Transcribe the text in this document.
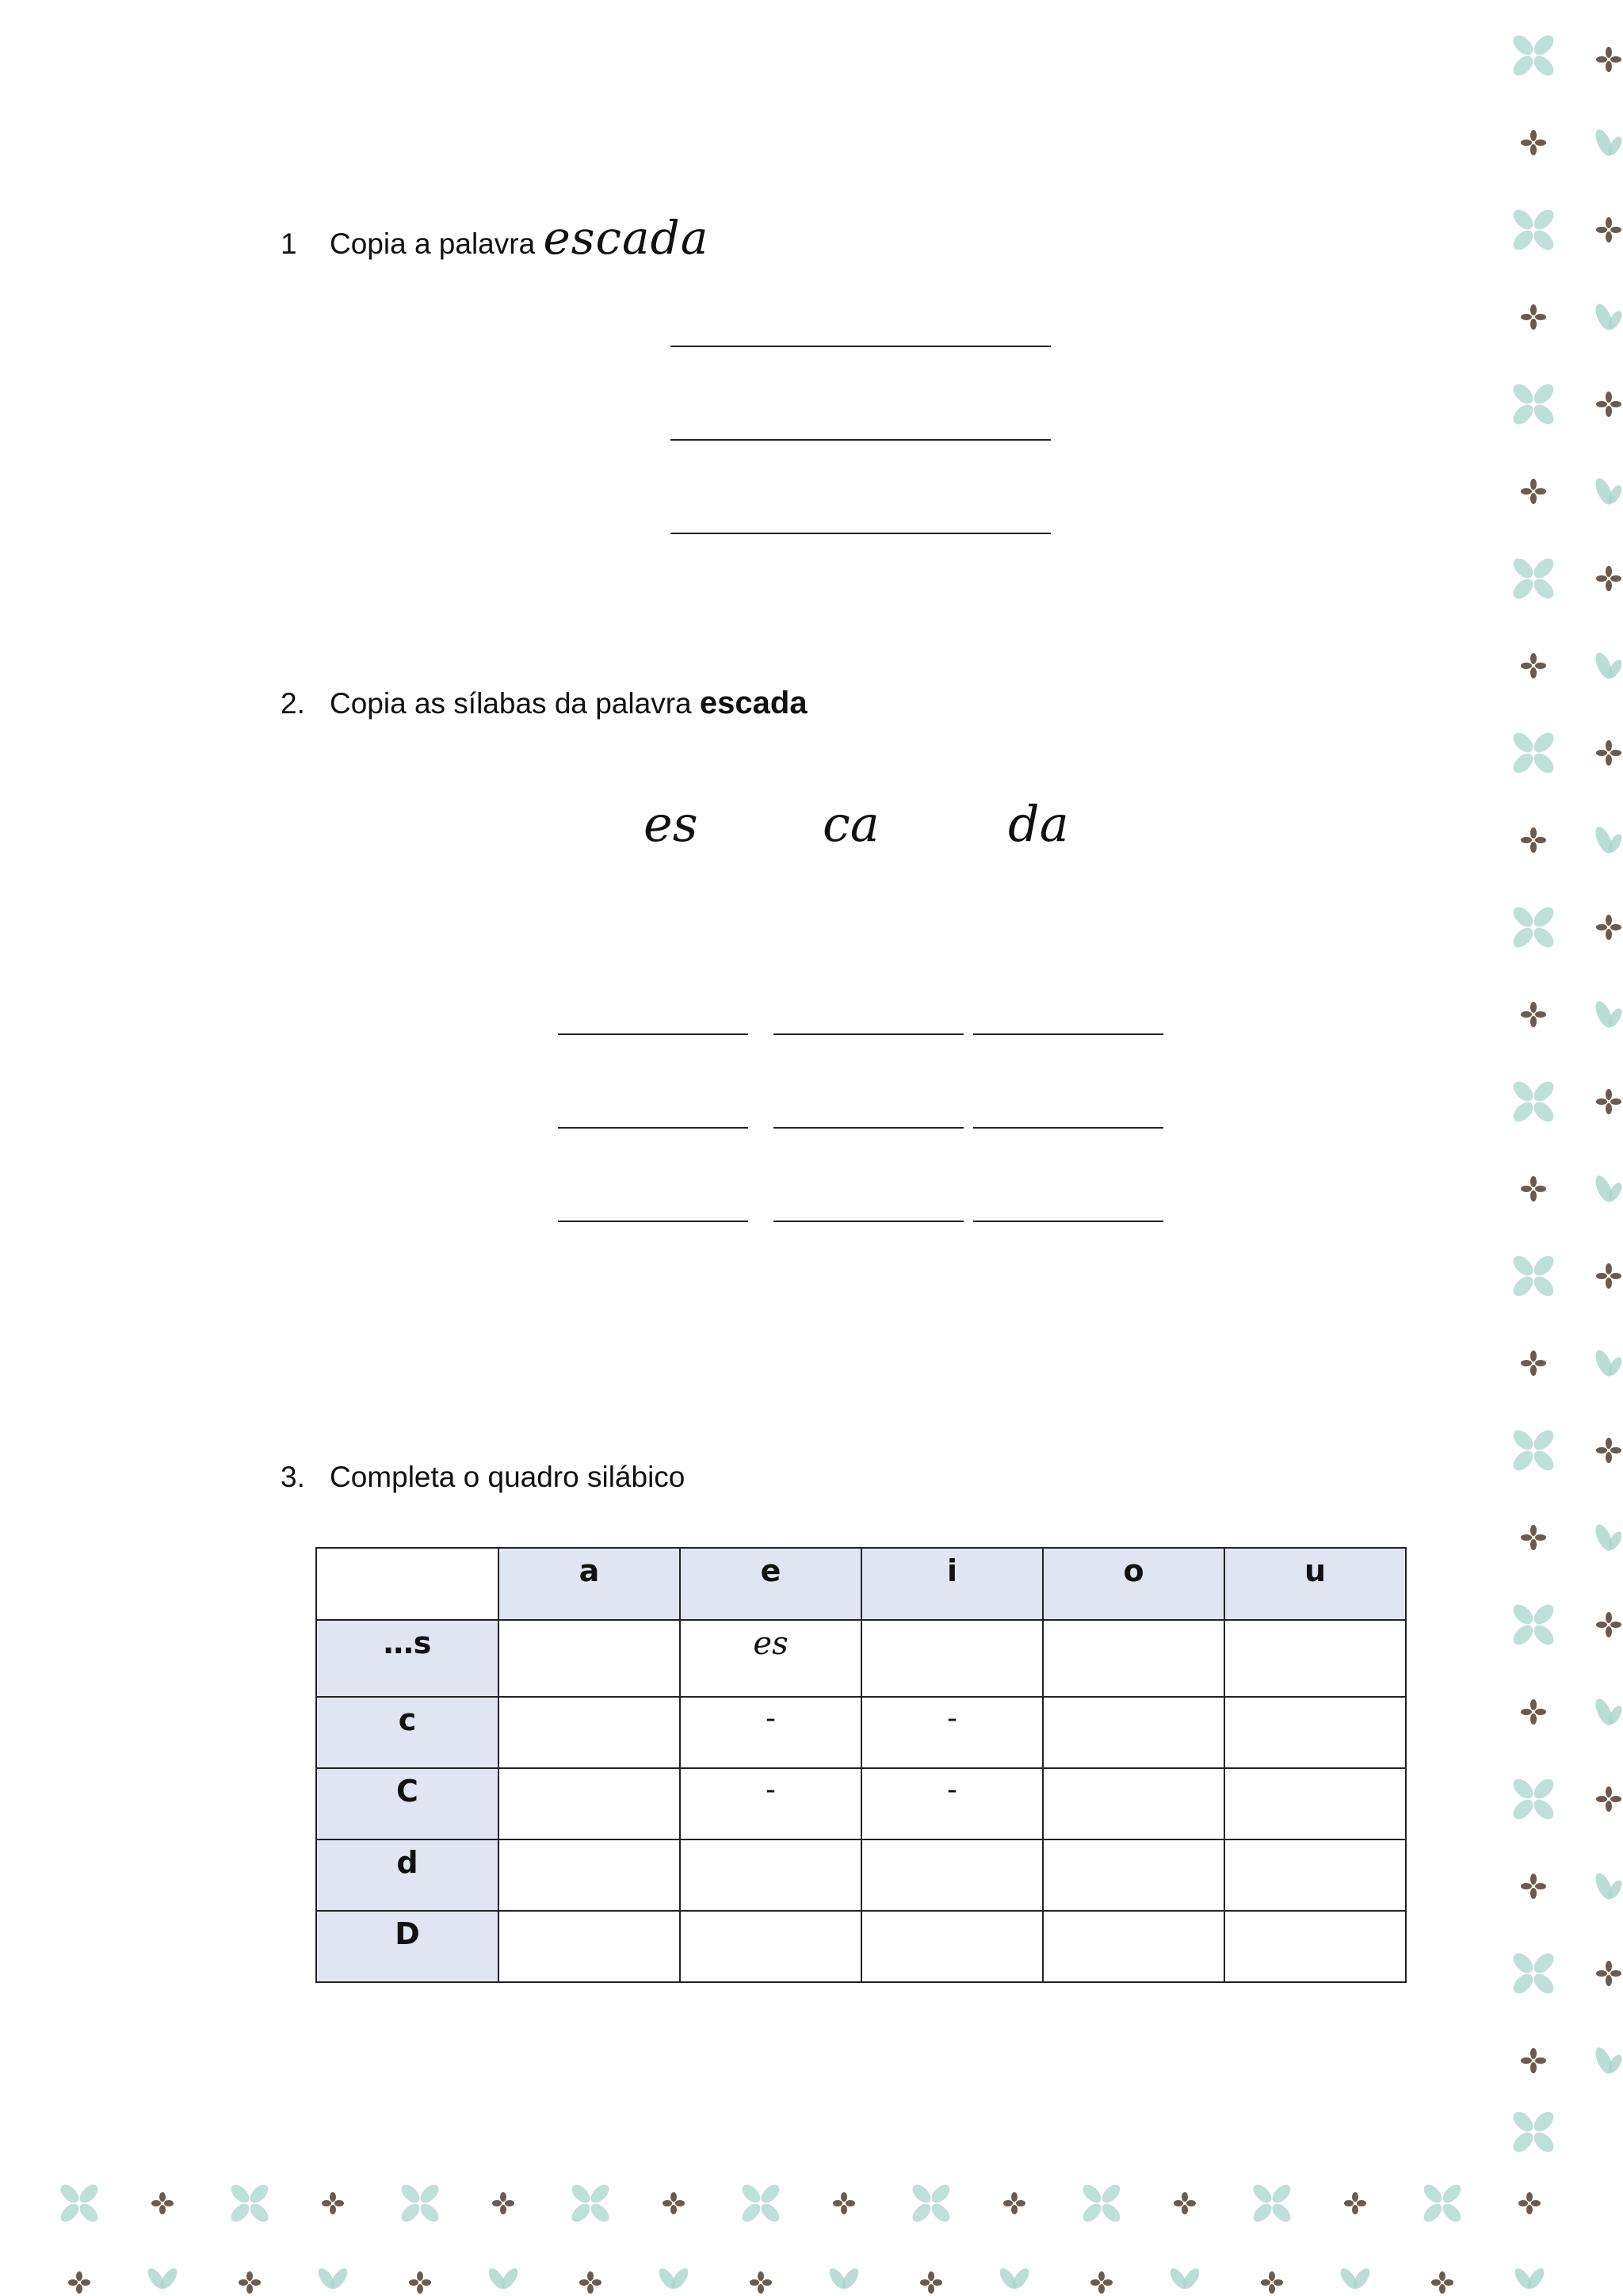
1 Copia a palavra escada
2. Copia as sílabas da palavra escada
es	ca	da
3. Completa o quadro silábico
	a	e	i	o	u
…s		es			
c		-	-		
C		-	-		
d					
D					
